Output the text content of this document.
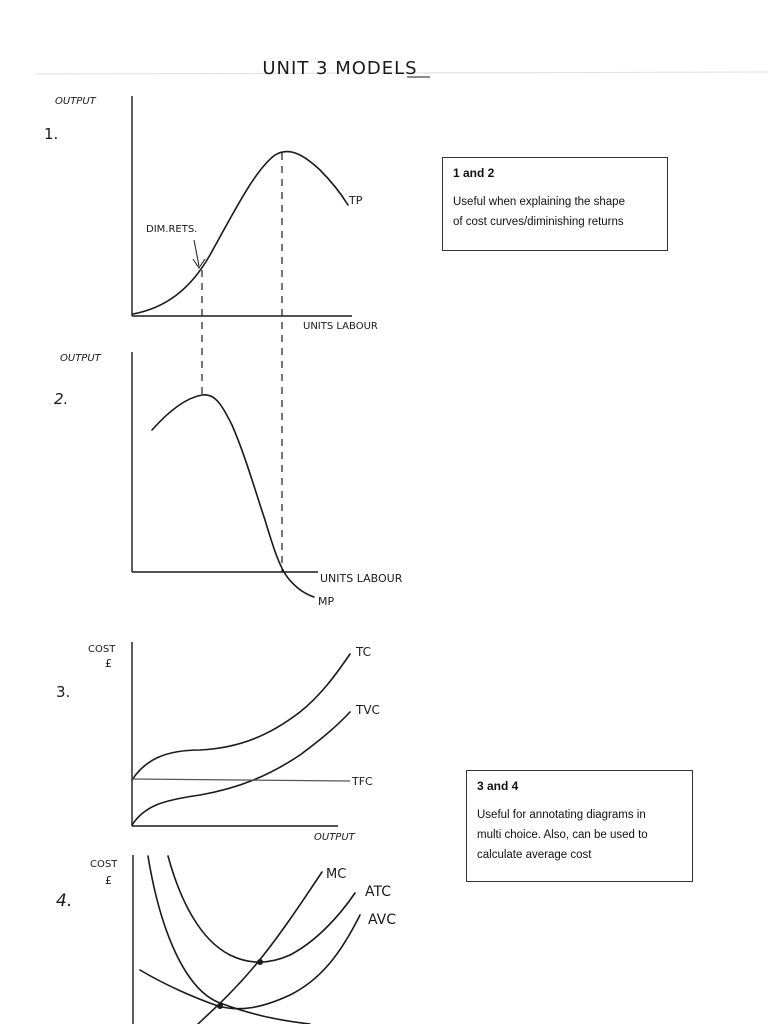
UNIT 3 MODELS
1.
OUTPUT
UNITS LABOUR
TP
DIM.RETS.
2.
OUTPUT
UNITS LABOUR
MP
3.
COST
£
OUTPUT
TC
TVC
TFC
4.
COST
£
ATC
AVC
MC
1 and 2
Useful when explaining the shape
of cost curves/diminishing returns
3 and 4
Useful for annotating diagrams in
multi choice. Also, can be used to
calculate average cost
